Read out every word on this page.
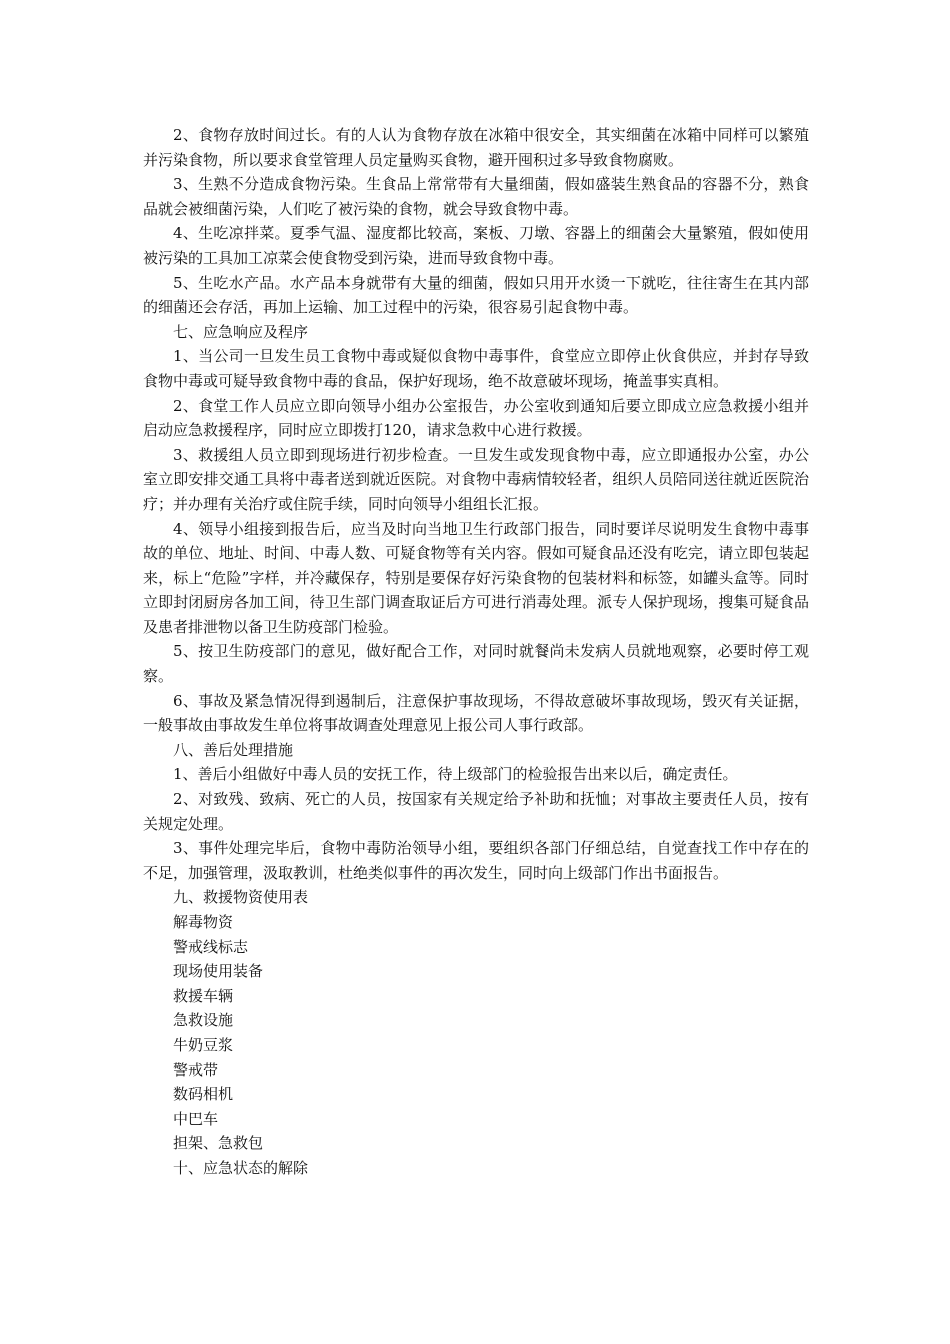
2、食物存放时间过长。有的人认为食物存放在冰箱中很安全，其实细菌在冰箱中同样可以繁殖并污染食物，所以要求食堂管理人员定量购买食物，避开囤积过多导致食物腐败。

3、生熟不分造成食物污染。生食品上常常带有大量细菌，假如盛装生熟食品的容器不分，熟食品就会被细菌污染，人们吃了被污染的食物，就会导致食物中毒。

4、生吃凉拌菜。夏季气温、湿度都比较高，案板、刀墩、容器上的细菌会大量繁殖，假如使用被污染的工具加工凉菜会使食物受到污染，进而导致食物中毒。

5、生吃水产品。水产品本身就带有大量的细菌，假如只用开水烫一下就吃，往往寄生在其内部的细菌还会存活，再加上运输、加工过程中的污染，很容易引起食物中毒。

七、应急响应及程序

1、当公司一旦发生员工食物中毒或疑似食物中毒事件，食堂应立即停止伙食供应，并封存导致食物中毒或可疑导致食物中毒的食品，保护好现场，绝不故意破坏现场，掩盖事实真相。

2、食堂工作人员应立即向领导小组办公室报告，办公室收到通知后要立即成立应急救援小组并启动应急救援程序，同时应立即拨打120，请求急救中心进行救援。

3、救援组人员立即到现场进行初步检查。一旦发生或发现食物中毒，应立即通报办公室，办公室立即安排交通工具将中毒者送到就近医院。对食物中毒病情较轻者，组织人员陪同送往就近医院治疗；并办理有关治疗或住院手续，同时向领导小组组长汇报。

4、领导小组接到报告后，应当及时向当地卫生行政部门报告，同时要详尽说明发生食物中毒事故的单位、地址、时间、中毒人数、可疑食物等有关内容。假如可疑食品还没有吃完，请立即包装起来，标上“危险”字样，并冷藏保存，特别是要保存好污染食物的包装材料和标签，如罐头盒等。同时立即封闭厨房各加工间，待卫生部门调查取证后方可进行消毒处理。派专人保护现场，搜集可疑食品及患者排泄物以备卫生防疫部门检验。

5、按卫生防疫部门的意见，做好配合工作，对同时就餐尚未发病人员就地观察，必要时停工观察。

6、事故及紧急情况得到遏制后，注意保护事故现场，不得故意破坏事故现场，毁灭有关证据，一般事故由事故发生单位将事故调查处理意见上报公司人事行政部。

八、善后处理措施

1、善后小组做好中毒人员的安抚工作，待上级部门的检验报告出来以后，确定责任。

2、对致残、致病、死亡的人员，按国家有关规定给予补助和抚恤；对事故主要责任人员，按有关规定处理。

3、事件处理完毕后，食物中毒防治领导小组，要组织各部门仔细总结，自觉查找工作中存在的不足，加强管理，汲取教训，杜绝类似事件的再次发生，同时向上级部门作出书面报告。

九、救援物资使用表

解毒物资

警戒线标志

现场使用装备

救援车辆

急救设施

牛奶豆浆

警戒带

数码相机

中巴车

担架、急救包

十、应急状态的解除
